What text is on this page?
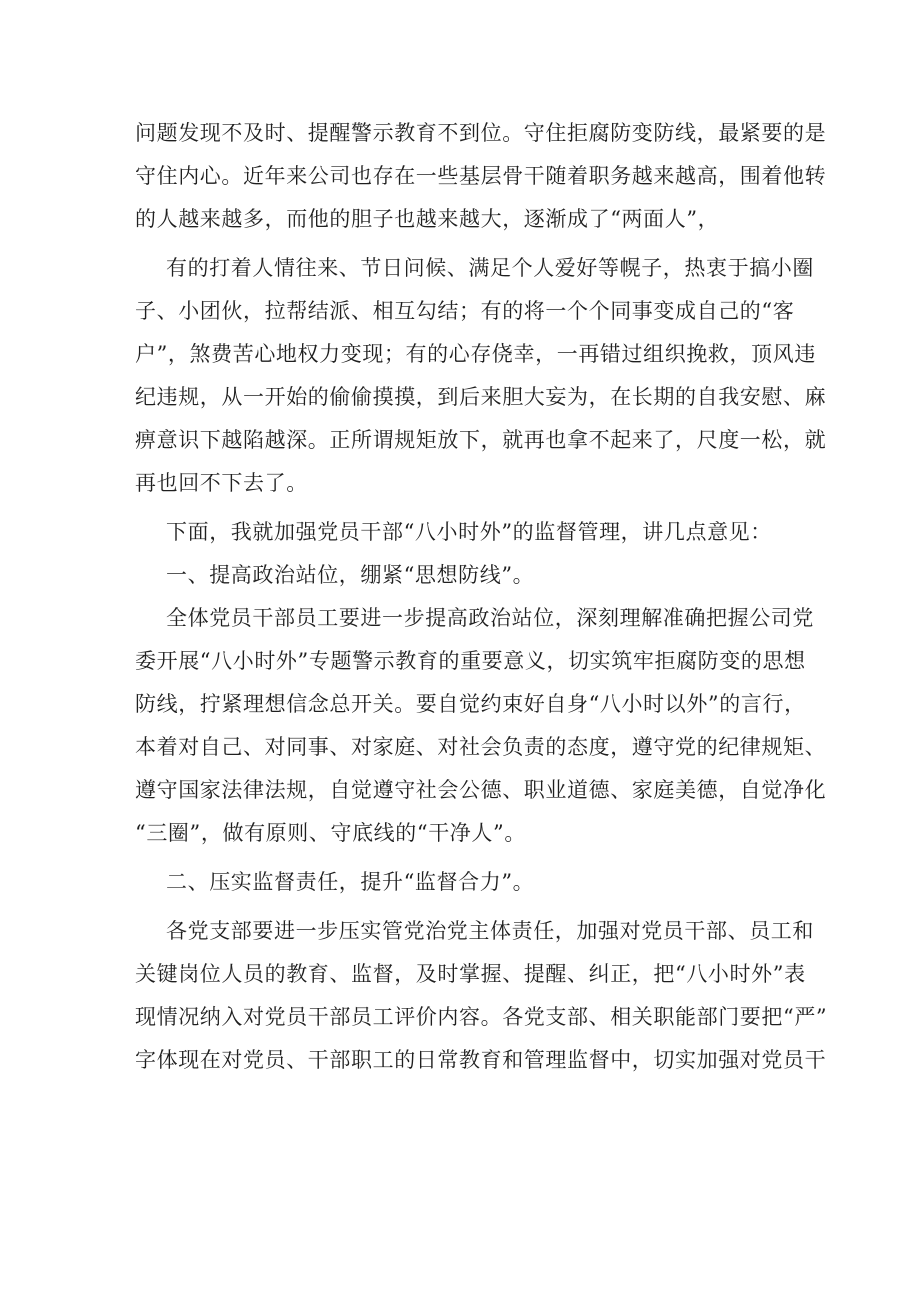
问题发现不及时、提醒警示教育不到位。守住拒腐防变防线，最紧要的是
守住内心。近年来公司也存在一些基层骨干随着职务越来越高，围着他转
的人越来越多，而他的胆子也越来越大，逐渐成了“两面人”，
有的打着人情往来、节日问候、满足个人爱好等幌子，热衷于搞小圈
子、小团伙，拉帮结派、相互勾结；有的将一个个同事变成自己的“客
户”，煞费苦心地权力变现；有的心存侥幸，一再错过组织挽救，顶风违
纪违规，从一开始的偷偷摸摸，到后来胆大妄为，在长期的自我安慰、麻
痹意识下越陷越深。正所谓规矩放下，就再也拿不起来了，尺度一松，就
再也回不下去了。
下面，我就加强党员干部“八小时外”的监督管理，讲几点意见：
一、提高政治站位，绷紧“思想防线”。
全体党员干部员工要进一步提高政治站位，深刻理解准确把握公司党
委开展“八小时外”专题警示教育的重要意义，切实筑牢拒腐防变的思想
防线，拧紧理想信念总开关。要自觉约束好自身“八小时以外”的言行，
本着对自己、对同事、对家庭、对社会负责的态度，遵守党的纪律规矩、
遵守国家法律法规，自觉遵守社会公德、职业道德、家庭美德，自觉净化
“三圈”，做有原则、守底线的“干净人”。
二、压实监督责任，提升“监督合力”。
各党支部要进一步压实管党治党主体责任，加强对党员干部、员工和
关键岗位人员的教育、监督，及时掌握、提醒、纠正，把“八小时外”表
现情况纳入对党员干部员工评价内容。各党支部、相关职能部门要把“严”
字体现在对党员、干部职工的日常教育和管理监督中，切实加强对党员干
